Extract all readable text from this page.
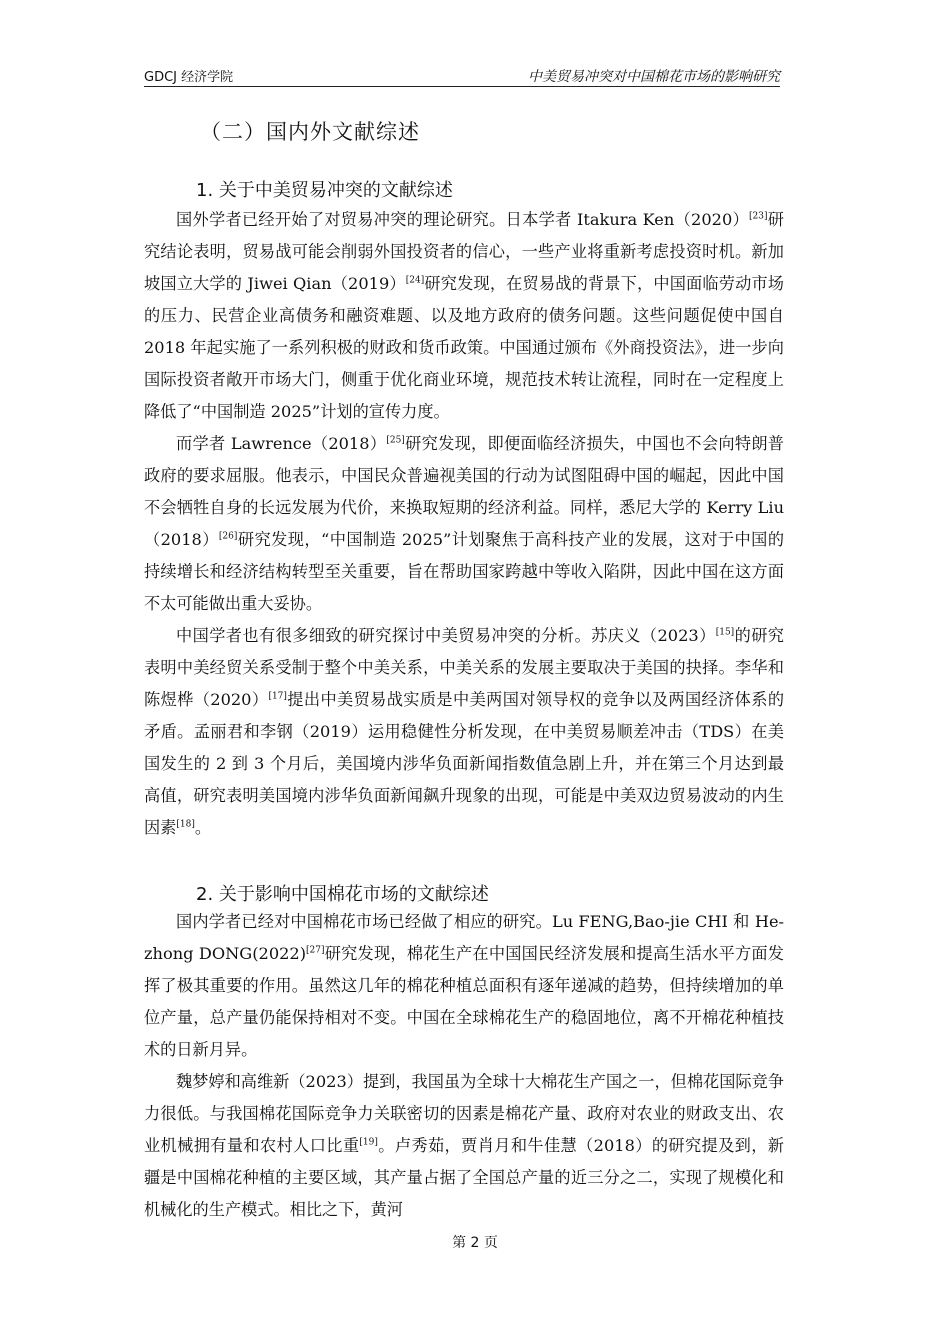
GDCJ 经济学院	中美贸易冲突对中国棉花市场的影响研究
（二）国内外文献综述
1. 关于中美贸易冲突的文献综述

国外学者已经开始了对贸易冲突的理论研究。日本学者 Itakura Ken（2020）[23]研究结论表明，贸易战可能会削弱外国投资者的信心，一些产业将重新考虑投资时机。新加坡国立大学的 Jiwei Qian（2019）[24]研究发现，在贸易战的背景下，中国面临劳动市场的压力、民营企业高债务和融资难题、以及地方政府的债务问题。这些问题促使中国自 2018 年起实施了一系列积极的财政和货币政策。中国通过颁布《外商投资法》，进一步向国际投资者敞开市场大门，侧重于优化商业环境，规范技术转让流程，同时在一定程度上降低了“中国制造 2025”计划的宣传力度。

而学者 Lawrence（2018）[25]研究发现，即便面临经济损失，中国也不会向特朗普政府的要求屈服。他表示，中国民众普遍视美国的行动为试图阻碍中国的崛起，因此中国不会牺牲自身的长远发展为代价，来换取短期的经济利益。同样，悉尼大学的 Kerry Liu（2018）[26]研究发现，“中国制造 2025”计划聚焦于高科技产业的发展，这对于中国的持续增长和经济结构转型至关重要，旨在帮助国家跨越中等收入陷阱，因此中国在这方面不太可能做出重大妥协。

中国学者也有很多细致的研究探讨中美贸易冲突的分析。苏庆义（2023）[15]的研究表明中美经贸关系受制于整个中美关系，中美关系的发展主要取决于美国的抉择。李华和陈煜桦（2020）[17]提出中美贸易战实质是中美两国对领导权的竞争以及两国经济体系的矛盾。孟丽君和李钢（2019）运用稳健性分析发现，在中美贸易顺差冲击（TDS）在美国发生的 2 到 3 个月后，美国境内涉华负面新闻指数值急剧上升，并在第三个月达到最高值，研究表明美国境内涉华负面新闻飙升现象的出现，可能是中美双边贸易波动的内生因素[18]。

2. 关于影响中国棉花市场的文献综述

国内学者已经对中国棉花市场已经做了相应的研究。Lu FENG,Bao-jie CHI 和 He-zhong DONG(2022)[27]研究发现，棉花生产在中国国民经济发展和提高生活水平方面发挥了极其重要的作用。虽然这几年的棉花种植总面积有逐年递减的趋势，但持续增加的单位产量，总产量仍能保持相对不变。中国在全球棉花生产的稳固地位，离不开棉花种植技术的日新月异。

魏梦婷和高维新（2023）提到，我国虽为全球十大棉花生产国之一，但棉花国际竞争力很低。与我国棉花国际竞争力关联密切的因素是棉花产量、政府对农业的财政支出、农业机械拥有量和农村人口比重[19]。卢秀茹，贾肖月和牛佳慧（2018）的研究提及到，新疆是中国棉花种植的主要区域，其产量占据了全国总产量的近三分之二，实现了规模化和机械化的生产模式。相比之下，黄河

第 2 页
